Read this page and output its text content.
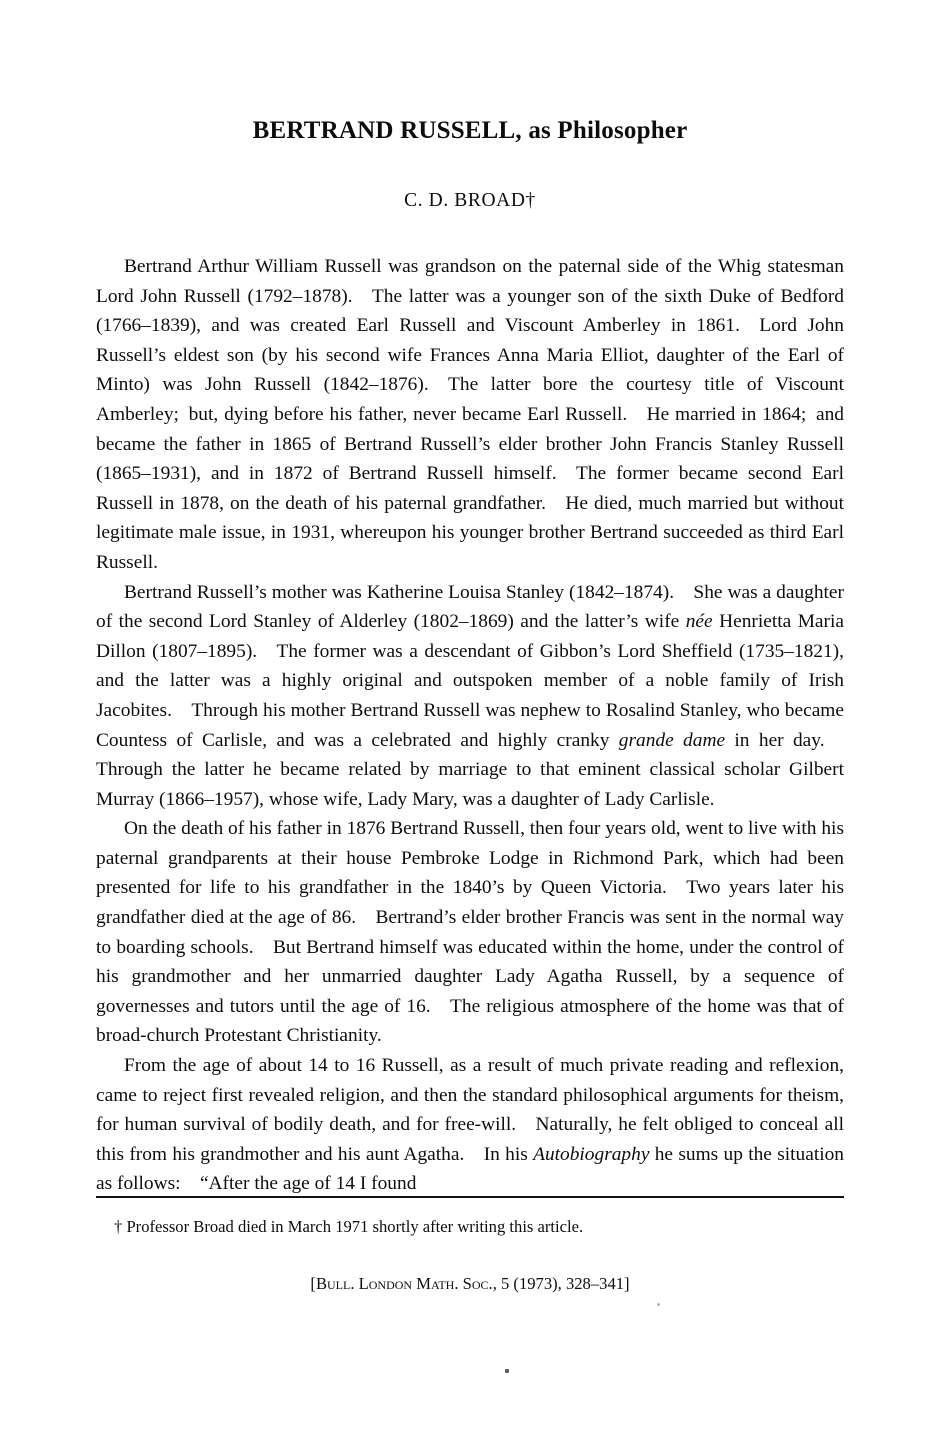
BERTRAND RUSSELL, as Philosopher
C. D. BROAD†

Bertrand Arthur William Russell was grandson on the paternal side of the Whig statesman Lord John Russell (1792–1878). The latter was a younger son of the sixth Duke of Bedford (1766–1839), and was created Earl Russell and Viscount Amberley in 1861. Lord John Russell’s eldest son (by his second wife Frances Anna Maria Elliot, daughter of the Earl of Minto) was John Russell (1842–1876). The latter bore the courtesy title of Viscount Amberley; but, dying before his father, never became Earl Russell. He married in 1864; and became the father in 1865 of Bertrand Russell’s elder brother John Francis Stanley Russell (1865–1931), and in 1872 of Bertrand Russell himself. The former became second Earl Russell in 1878, on the death of his paternal grandfather. He died, much married but without legitimate male issue, in 1931, whereupon his younger brother Bertrand succeeded as third Earl Russell.

Bertrand Russell’s mother was Katherine Louisa Stanley (1842–1874). She was a daughter of the second Lord Stanley of Alderley (1802–1869) and the latter’s wife née Henrietta Maria Dillon (1807–1895). The former was a descendant of Gibbon’s Lord Sheffield (1735–1821), and the latter was a highly original and outspoken member of a noble family of Irish Jacobites. Through his mother Bertrand Russell was nephew to Rosalind Stanley, who became Countess of Carlisle, and was a celebrated and highly cranky grande dame in her day. Through the latter he became related by marriage to that eminent classical scholar Gilbert Murray (1866–1957), whose wife, Lady Mary, was a daughter of Lady Carlisle.

On the death of his father in 1876 Bertrand Russell, then four years old, went to live with his paternal grandparents at their house Pembroke Lodge in Richmond Park, which had been presented for life to his grandfather in the 1840’s by Queen Victoria. Two years later his grandfather died at the age of 86. Bertrand’s elder brother Francis was sent in the normal way to boarding schools. But Bertrand himself was educated within the home, under the control of his grandmother and her unmarried daughter Lady Agatha Russell, by a sequence of governesses and tutors until the age of 16. The religious atmosphere of the home was that of broad-church Protestant Christianity.

From the age of about 14 to 16 Russell, as a result of much private reading and reflexion, came to reject first revealed religion, and then the standard philosophical arguments for theism, for human survival of bodily death, and for free-will. Naturally, he felt obliged to conceal all this from his grandmother and his aunt Agatha. In his Autobiography he sums up the situation as follows: “After the age of 14 I found

† Professor Broad died in March 1971 shortly after writing this article.
[Bull. London Math. Soc., 5 (1973), 328–341]
